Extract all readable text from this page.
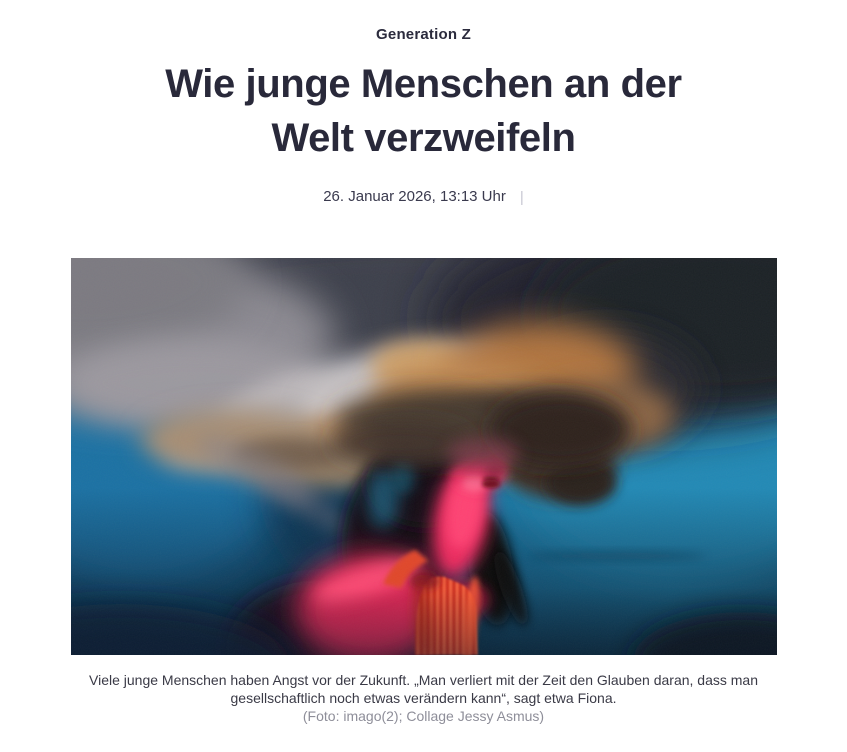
Generation Z
Wie junge Menschen an der
Welt verzweifeln
26. Januar 2026, 13:13 Uhr |
Viele junge Menschen haben Angst vor der Zukunft. „Man verliert mit der Zeit den Glauben daran, dass man gesellschaftlich noch etwas verändern kann“, sagt etwa Fiona.
(Foto: imago(2); Collage Jessy Asmus)
